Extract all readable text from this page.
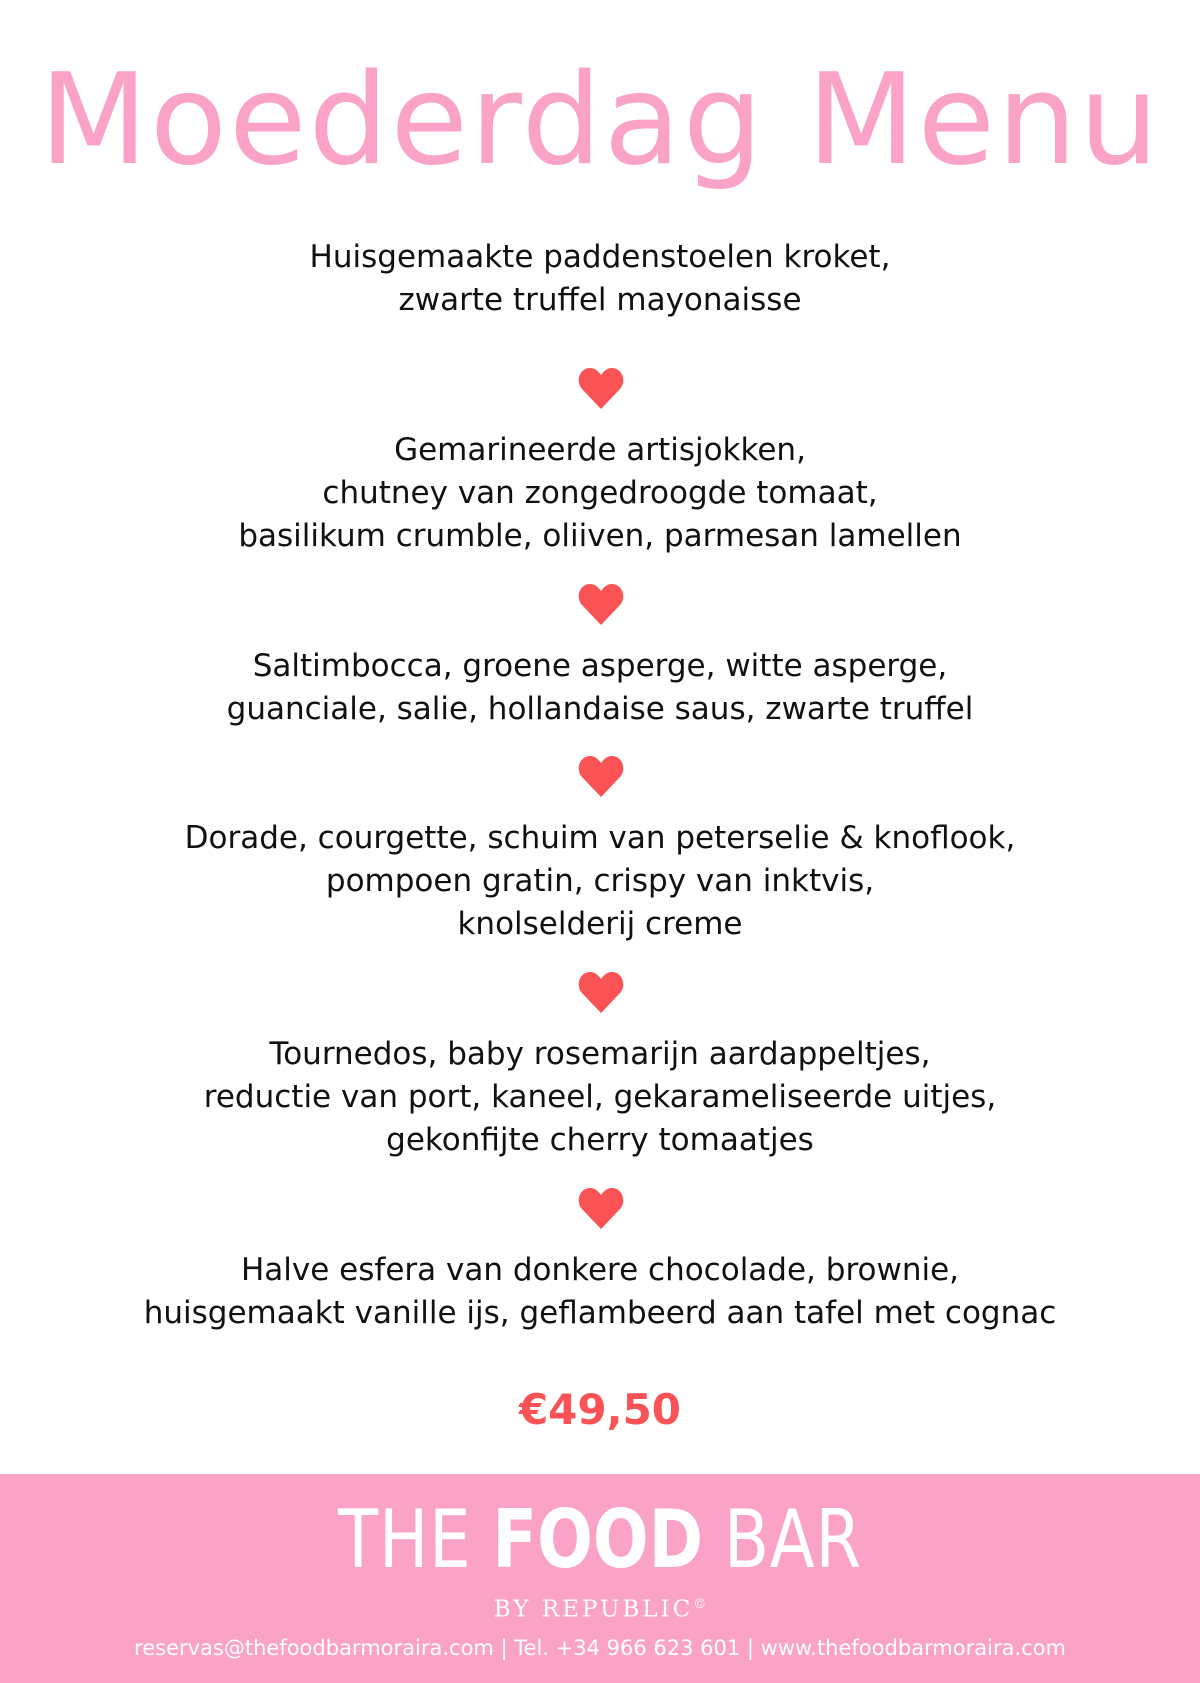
Moederdag Menu
Huisgemaakte paddenstoelen kroket,
zwarte truffel mayonaisse
Gemarineerde artisjokken,
chutney van zongedroogde tomaat,
basilikum crumble, oliiven, parmesan lamellen
Saltimbocca, groene asperge, witte asperge,
guanciale, salie, hollandaise saus, zwarte truffel
Dorade, courgette, schuim van peterselie & knoflook,
pompoen gratin, crispy van inktvis,
knolselderij creme
Tournedos, baby rosemarijn aardappeltjes,
reductie van port, kaneel, gekarameliseerde uitjes,
gekonfijte cherry tomaatjes
Halve esfera van donkere chocolade, brownie,
huisgemaakt vanille ijs, geflambeerd aan tafel met cognac
€49,50
THE FOOD BAR
BY REPUBLIC©
reservas@thefoodbarmoraira.com | Tel. +34 966 623 601 | www.thefoodbarmoraira.com
